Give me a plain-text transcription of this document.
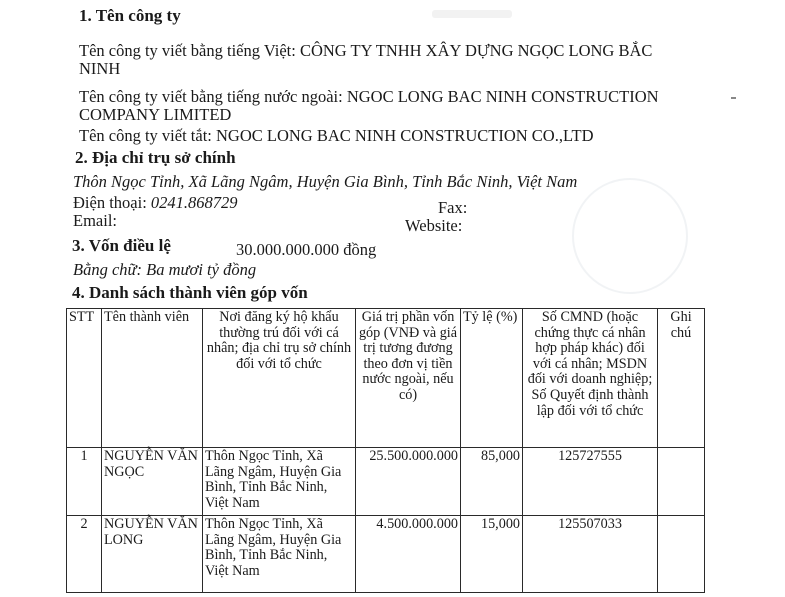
1. Tên công ty
Tên công ty viết bằng tiếng Việt: CÔNG TY TNHH XÂY DỰNG NGỌC LONG BẮC
NINH
Tên công ty viết bằng tiếng nước ngoài: NGOC LONG BAC NINH CONSTRUCTION
COMPANY LIMITED
Tên công ty viết tắt: NGOC LONG BAC NINH CONSTRUCTION CO.,LTD
2. Địa chỉ trụ sở chính
Thôn Ngọc Tỉnh, Xã Lãng Ngâm, Huyện Gia Bình, Tỉnh Bắc Ninh, Việt Nam
Điện thoại: 0241.868729	Fax:
Email:	Website:
3. Vốn điều lệ	30.000.000.000 đồng
Bằng chữ: Ba mươi tỷ đồng
4. Danh sách thành viên góp vốn
STT	Tên thành viên	Nơi đăng ký hộ khẩu thường trú đối với cá nhân; địa chỉ trụ sở chính đối với tổ chức	Giá trị phần vốn góp (VNĐ và giá trị tương đương theo đơn vị tiền nước ngoài, nếu có)	Tỷ lệ (%)	Số CMND (hoặc chứng thực cá nhân hợp pháp khác) đối với cá nhân; MSDN đối với doanh nghiệp; Số Quyết định thành lập đối với tổ chức	Ghi chú
1	NGUYỄN VĂN NGỌC	Thôn Ngọc Tỉnh, Xã Lãng Ngâm, Huyện Gia Bình, Tỉnh Bắc Ninh, Việt Nam	25.500.000.000	85,000	125727555	
2	NGUYỄN VĂN LONG	Thôn Ngọc Tỉnh, Xã Lãng Ngâm, Huyện Gia Bình, Tỉnh Bắc Ninh, Việt Nam	4.500.000.000	15,000	125507033	
